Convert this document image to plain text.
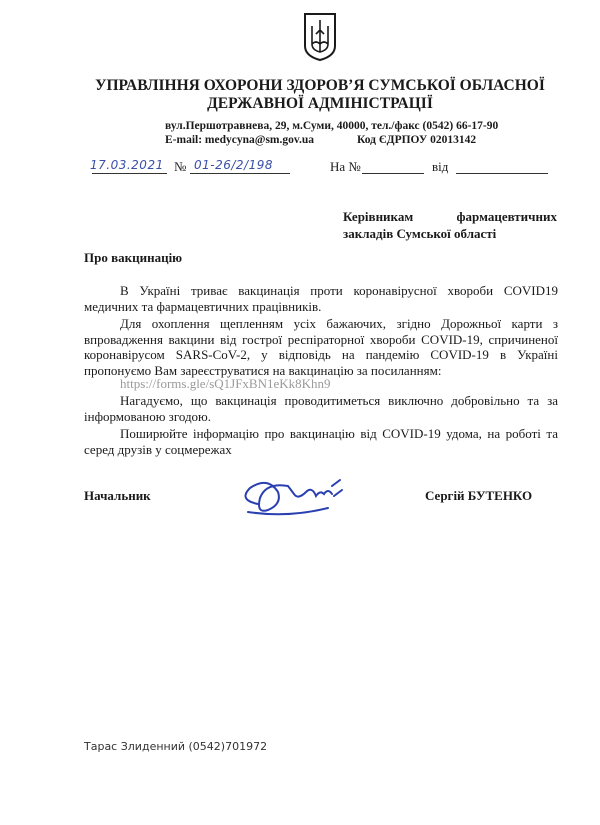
УПРАВЛІННЯ ОХОРОНИ ЗДОРОВ’Я СУМСЬКОЇ ОБЛАСНОЇ
ДЕРЖАВНОЇ АДМІНІСТРАЦІЇ
вул.Першотравнева, 29, м.Суми, 40000, тел./факс (0542) 66-17-90
E-mail: medycyna@sm.gov.ua	Код ЄДРПОУ 02013142
17.03.2021 № 01-26/2/198	На №	від
Керівникам	фармацевтичних
закладів Сумської області
Про вакцинацію
В Україні триває вакцинація проти коронавірусної хвороби COVID19 медичних та фармацевтичних працівників.
Для охоплення щепленням усіх бажаючих, згідно Дорожньої карти з впровадження вакцини від гострої респіраторної хвороби COVID-19, спричиненої коронавірусом SARS-CoV-2, у відповідь на пандемію COVID-19 в Україні пропонуємо Вам зареєструватися на вакцинацію за посиланням:
https://forms.gle/sQ1JFxBN1eKk8Khn9
Нагадуємо, що вакцинація проводитиметься виключно добровільно та за інформованою згодою.
Поширюйте інформацію про вакцинацію від COVID-19 удома, на роботі та серед друзів у соцмережах
Начальник	Сергій БУТЕНКО
Тарас Злиденний (0542)701972
